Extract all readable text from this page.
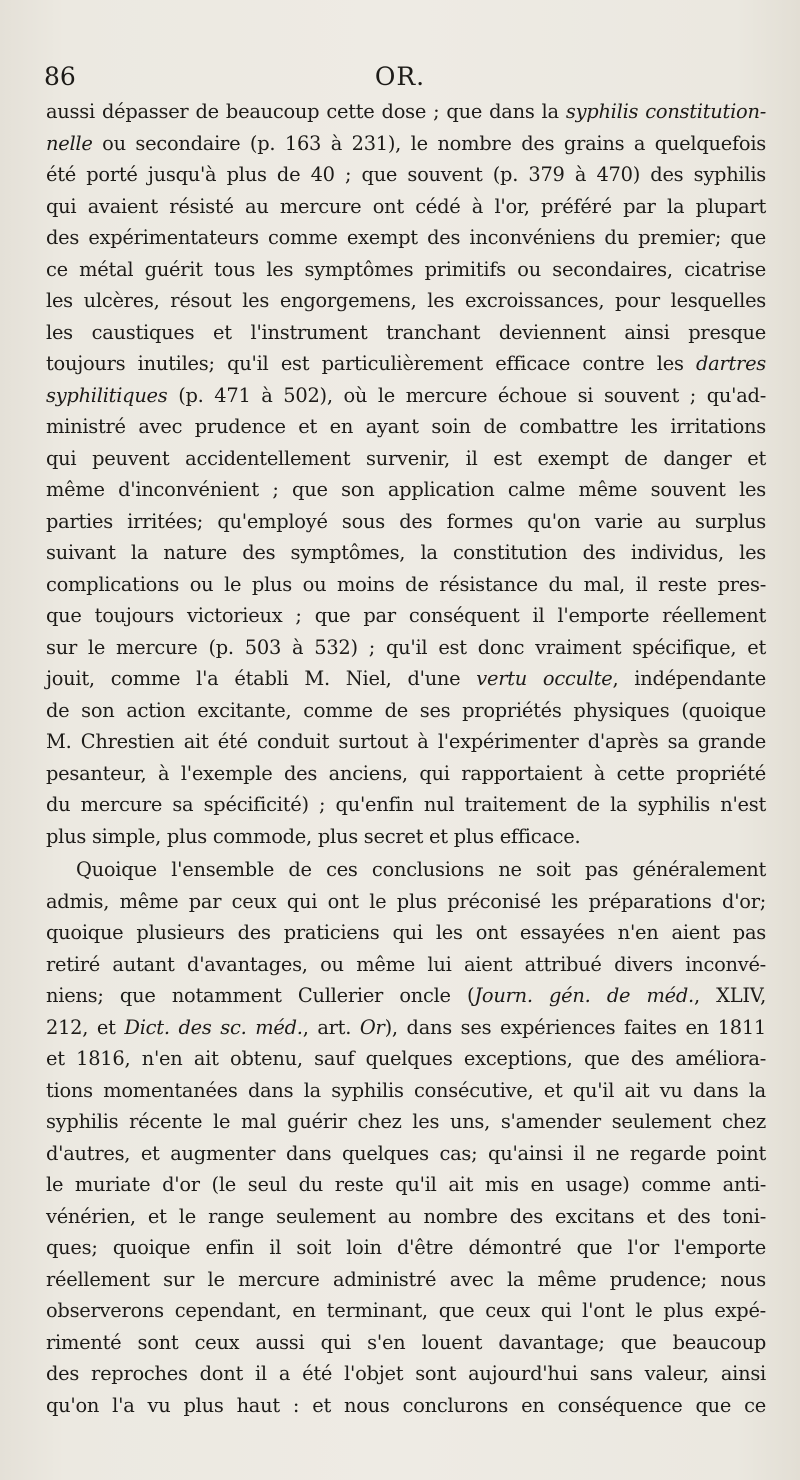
86	OR.
aussi dépasser de beaucoup cette dose ; que dans la syphilis constitution-
nelle ou secondaire (p. 163 à 231), le nombre des grains a quelquefois
été porté jusqu'à plus de 40 ; que souvent (p. 379 à 470) des syphilis
qui avaient résisté au mercure ont cédé à l'or, préféré par la plupart
des expérimentateurs comme exempt des inconvéniens du premier; que
ce métal guérit tous les symptômes primitifs ou secondaires, cicatrise
les ulcères, résout les engorgemens, les excroissances, pour lesquelles
les caustiques et l'instrument tranchant deviennent ainsi presque
toujours inutiles; qu'il est particulièrement efficace contre les dartres
syphilitiques (p. 471 à 502), où le mercure échoue si souvent ; qu'ad-
ministré avec prudence et en ayant soin de combattre les irritations
qui peuvent accidentellement survenir, il est exempt de danger et
même d'inconvénient ; que son application calme même souvent les
parties irritées; qu'employé sous des formes qu'on varie au surplus
suivant la nature des symptômes, la constitution des individus, les
complications ou le plus ou moins de résistance du mal, il reste pres-
que toujours victorieux ; que par conséquent il l'emporte réellement
sur le mercure (p. 503 à 532) ; qu'il est donc vraiment spécifique, et
jouit, comme l'a établi M. Niel, d'une vertu occulte, indépendante
de son action excitante, comme de ses propriétés physiques (quoique
M. Chrestien ait été conduit surtout à l'expérimenter d'après sa grande
pesanteur, à l'exemple des anciens, qui rapportaient à cette propriété
du mercure sa spécificité) ; qu'enfin nul traitement de la syphilis n'est
plus simple, plus commode, plus secret et plus efficace.
Quoique l'ensemble de ces conclusions ne soit pas généralement
admis, même par ceux qui ont le plus préconisé les préparations d'or;
quoique plusieurs des praticiens qui les ont essayées n'en aient pas
retiré autant d'avantages, ou même lui aient attribué divers inconvé-
niens; que notamment Cullerier oncle (Journ. gén. de méd., XLIV,
212, et Dict. des sc. méd., art. Or), dans ses expériences faites en 1811
et 1816, n'en ait obtenu, sauf quelques exceptions, que des améliora-
tions momentanées dans la syphilis consécutive, et qu'il ait vu dans la
syphilis récente le mal guérir chez les uns, s'amender seulement chez
d'autres, et augmenter dans quelques cas; qu'ainsi il ne regarde point
le muriate d'or (le seul du reste qu'il ait mis en usage) comme anti-
vénérien, et le range seulement au nombre des excitans et des toni-
ques; quoique enfin il soit loin d'être démontré que l'or l'emporte
réellement sur le mercure administré avec la même prudence; nous
observerons cependant, en terminant, que ceux qui l'ont le plus expé-
rimenté sont ceux aussi qui s'en louent davantage; que beaucoup
des reproches dont il a été l'objet sont aujourd'hui sans valeur, ainsi
qu'on l'a vu plus haut : et nous conclurons en conséquence que ce
